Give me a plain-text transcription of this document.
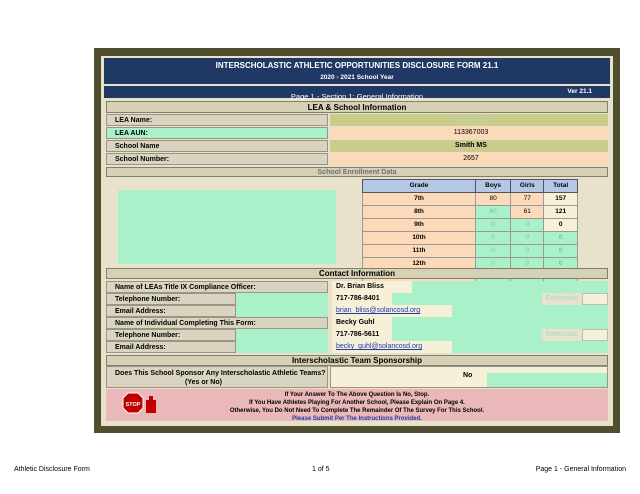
INTERSCHOLASTIC ATHLETIC OPPORTUNITIES DISCLOSURE FORM 21.1
2020 - 2021 School Year
Page 1 - Section 1: General Information
Ver 21.1
LEA & School Information
LEA Name:	Solanco SD
LEA AUN:	113367003
School Name	Smith MS
School Number:	2657
School Enrollment Data
Grade	Boys	Girls	Total
7th	80	77	157
8th	60	61	121
9th	0	0	0
10th	0	0	0
11th	0	0	0
12th	0	0	0

Contact Information
Name of LEAs Title IX Compliance Officer:	Dr. Brian Bliss
Telephone Number:	717-786-8401	Extension:
Email Address:	brian_bliss@solancosd.org
Name of Individual Completing This Form:	Becky Guhl
Telephone Number:	717-786-5611	Extension:
Email Address:	becky_guhl@solancosd.org
Interscholastic Team Sponsorship
Does This School Sponsor Any Interscholastic Athletic Teams?
(Yes or No)
No
STOP
If Your Answer To The Above Question Is No, Stop.
If You Have Athletes Playing For Another School, Please Explain On Page 4.
Otherwise, You Do Not Need To Complete The Remainder Of The Survey For This School.
Please Submit Per The Instructions Provided.
Athletic Disclosure Form	1 of 5	Page 1 - General Information
